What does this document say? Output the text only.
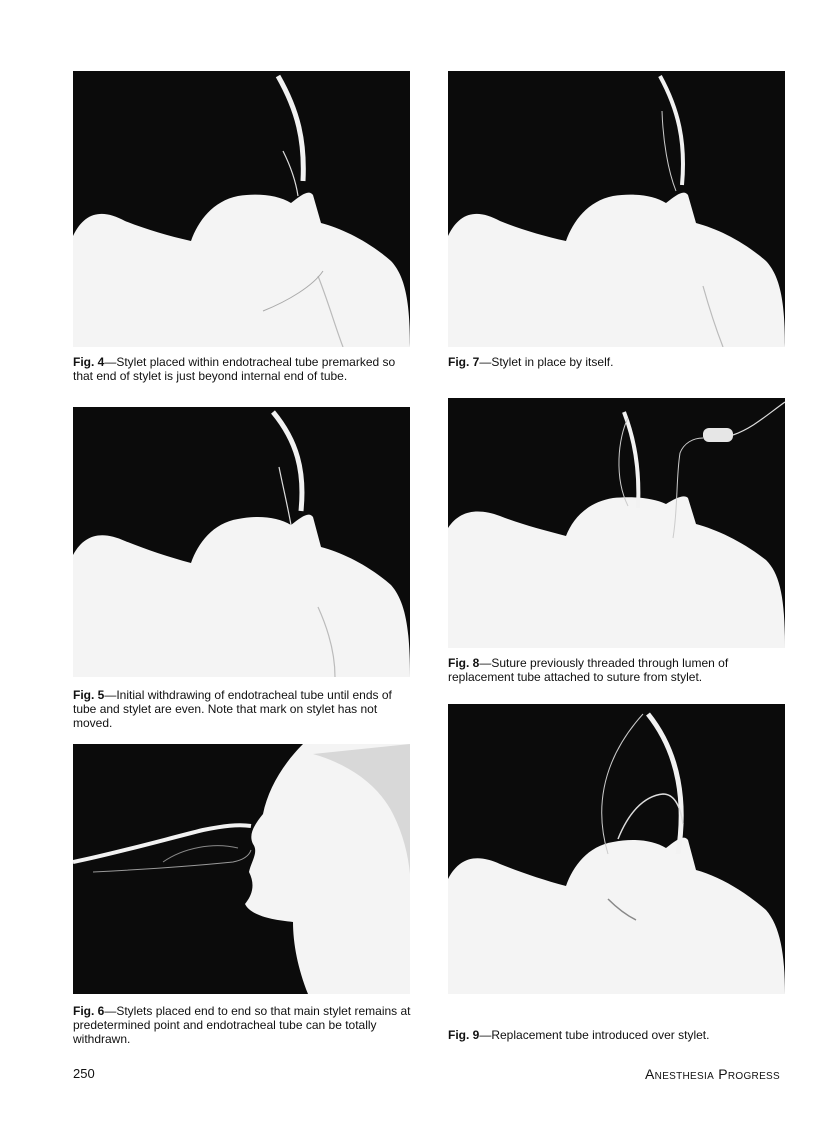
Fig. 4—Stylet placed within endotracheal tube premarked so that end of stylet is just beyond internal end of tube.
Fig. 5—Initial withdrawing of endotracheal tube until ends of tube and stylet are even. Note that mark on stylet has not moved.
Fig. 6—Stylets placed end to end so that main stylet remains at predetermined point and endotracheal tube can be totally withdrawn.
Fig. 7—Stylet in place by itself.
Fig. 8—Suture previously threaded through lumen of replacement tube attached to suture from stylet.
Fig. 9—Replacement tube introduced over stylet.
250	Anesthesia Progress
